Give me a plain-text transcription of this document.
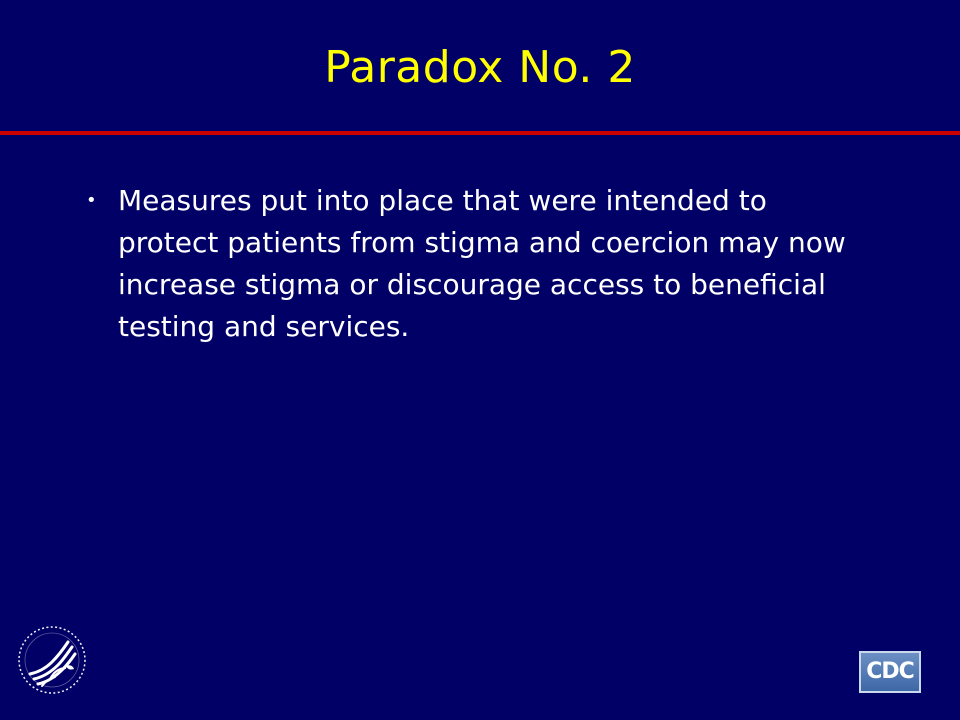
Paradox No. 2
• Measures put into place that were intended to protect patients from stigma and coercion may now increase stigma or discourage access to beneficial testing and services.
CDC
